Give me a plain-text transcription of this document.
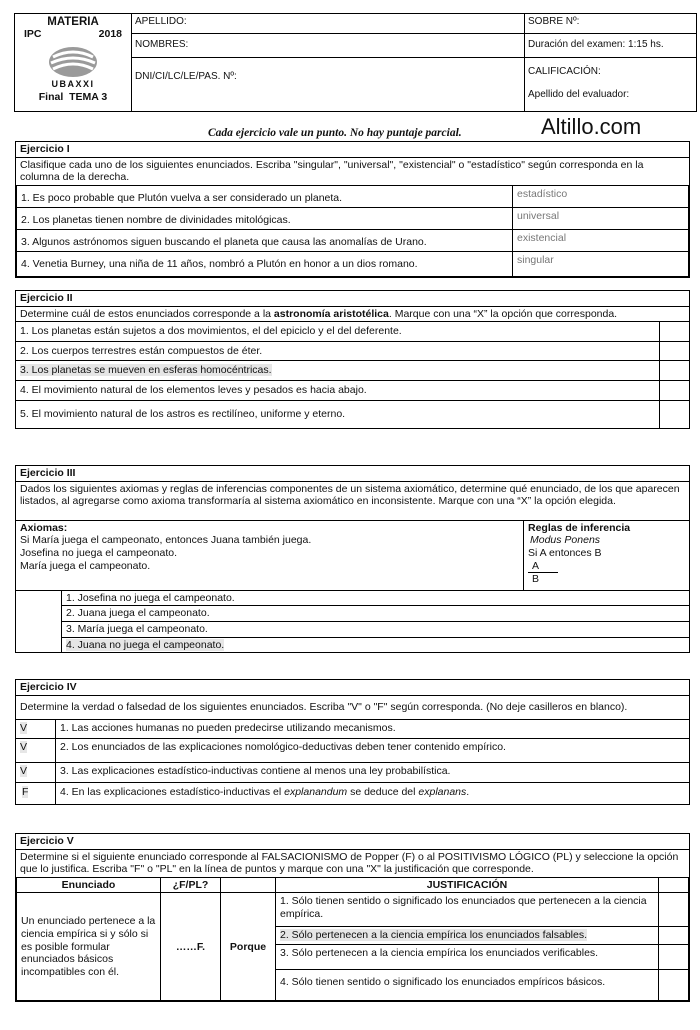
MATERIA
IPC 2018
UBAXXI
Final TEMA 3	APELLIDO:	SOBRE Nº:
	NOMBRES:	Duración del examen: 1:15 hs.
	DNI/CI/LC/LE/PAS. Nº:	CALIFICACIÓN:
Apellido del evaluador:
Cada ejercicio vale un punto. No hay puntaje parcial.	Altillo.com
Ejercicio I
Clasifique cada uno de los siguientes enunciados. Escriba "singular", "universal", "existencial" o "estadístico" según corresponda en la columna de la derecha.
1. Es poco probable que Plutón vuelva a ser considerado un planeta.	estadístico
2. Los planetas tienen nombre de divinidades mitológicas.	universal
3. Algunos astrónomos siguen buscando el planeta que causa las anomalías de Urano.	existencial
4. Venetia Burney, una niña de 11 años, nombró a Plutón en honor a un dios romano.	singular
Ejercicio II
Determine cuál de estos enunciados corresponde a la astronomía aristotélica. Marque con una “X” la opción que corresponda.
1. Los planetas están sujetos a dos movimientos, el del epiciclo y el del deferente.
2. Los cuerpos terrestres están compuestos de éter.
3. Los planetas se mueven en esferas homocéntricas.
4. El movimiento natural de los elementos leves y pesados es hacia abajo.
5. El movimiento natural de los astros es rectilíneo, uniforme y eterno.
Ejercicio III
Dados los siguientes axiomas y reglas de inferencias componentes de un sistema axiomático, determine qué enunciado, de los que aparecen listados, al agregarse como axioma transformaría al sistema axiomático en inconsistente. Marque con una “X” la opción elegida.
Axiomas:
Si María juega el campeonato, entonces Juana también juega.
Josefina no juega el campeonato.
María juega el campeonato.
Reglas de inferencia
Modus Ponens
Si A entonces B
A
B
1. Josefina no juega el campeonato.
2. Juana juega el campeonato.
3. María juega el campeonato.
4. Juana no juega el campeonato.
Ejercicio IV
Determine la verdad o falsedad de los siguientes enunciados. Escriba "V" o "F" según corresponda. (No deje casilleros en blanco).
V	1. Las acciones humanas no pueden predecirse utilizando mecanismos.
V	2. Los enunciados de las explicaciones nomológico-deductivas deben tener contenido empírico.
V	3. Las explicaciones estadístico-inductivas contiene al menos una ley probabilística.
F	4. En las explicaciones estadístico-inductivas el explanandum se deduce del explanans.
Ejercicio V
Determine si el siguiente enunciado corresponde al FALSACIONISMO de Popper (F) o al POSITIVISMO LÓGICO (PL) y seleccione la opción que lo justifica. Escriba "F" o "PL" en la línea de puntos y marque con una "X" la justificación que corresponde.
Enunciado	¿F/PL?		JUSTIFICACIÓN	
Un enunciado pertenece a la ciencia empírica si y sólo si es posible formular enunciados básicos incompatibles con él.	……F.	Porque	1. Sólo tienen sentido o significado los enunciados que pertenecen a la ciencia empírica.	
			2. Sólo pertenecen a la ciencia empírica los enunciados falsables.	
			3. Sólo pertenecen a la ciencia empírica los enunciados verificables.	
			4. Sólo tienen sentido o significado los enunciados empíricos básicos.	
